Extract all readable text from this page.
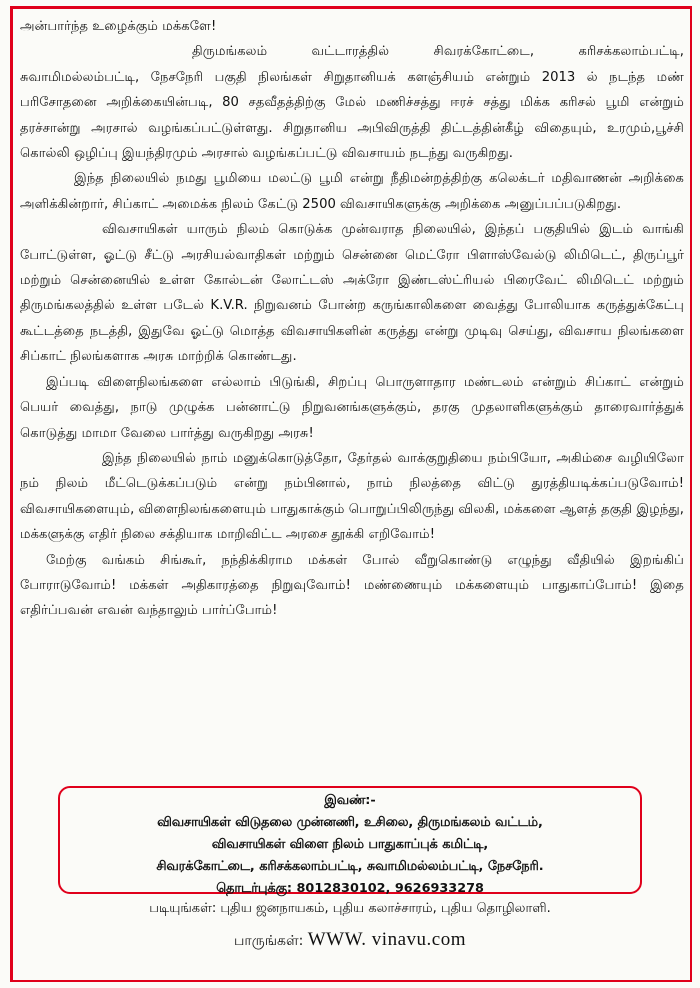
அன்பார்ந்த உழைக்கும் மக்களே!

திருமங்கலம் வட்டாரத்தில் சிவரக்கோட்டை, கரிசக்கலாம்பட்டி, சுவாமிமல்லம்பட்டி, நேசநேரி பகுதி நிலங்கள் சிறுதானியக் களஞ்சியம் என்றும் 2013 ல் நடந்த மண் பரிசோதனை அறிக்கையின்படி, 80 சதவீதத்திற்கு மேல் மணிச்சத்து ஈரச் சத்து மிக்க கரிசல் பூமி என்றும் தரச்சான்று அரசால் வழங்கப்பட்டுள்ளது. சிறுதானிய அபிவிருத்தி திட்டத்தின்கீழ் விதையும், உரமும்,பூச்சி கொல்லி ஒழிப்பு இயந்திரமும் அரசால் வழங்கப்பட்டு விவசாயம் நடந்து வருகிறது.

இந்த நிலையில் நமது பூமியை மலட்டு பூமி என்று நீதிமன்றத்திற்கு கலெக்டர் மதிவாணன் அறிக்கை அளிக்கின்றார், சிப்காட் அமைக்க நிலம் கேட்டு 2500 விவசாயிகளுக்கு அறிக்கை அனுப்பப்படுகிறது.

விவசாயிகள் யாரும் நிலம் கொடுக்க முன்வராத நிலையில், இந்தப் பகுதியில் இடம் வாங்கி போட்டுள்ள, ஓட்டு சீட்டு அரசியல்வாதிகள் மற்றும் சென்னை மெட்ரோ பிளாஸ்வேல்டு லிமிடெட், திருப்பூர் மற்றும் சென்னையில் உள்ள கோல்டன் லோட்டஸ் அக்ரோ இண்டஸ்ட்ரியல் பிரைவேட் லிமிடெட் மற்றும் திருமங்கலத்தில் உள்ள படேல் K.V.R. நிறுவனம் போன்ற கருங்காலிகளை வைத்து போலியாக கருத்துக்கேட்பு கூட்டத்தை நடத்தி, இதுவே ஓட்டு மொத்த விவசாயிகளின் கருத்து என்று முடிவு செய்து, விவசாய நிலங்களை சிப்காட் நிலங்களாக அரசு மாற்றிக் கொண்டது.

இப்படி விளைநிலங்களை எல்லாம் பிடுங்கி, சிறப்பு பொருளாதார மண்டலம் என்றும் சிப்காட் என்றும் பெயர் வைத்து, நாடு முழுக்க பன்னாட்டு நிறுவனங்களுக்கும், தரகு முதலாளிகளுக்கும் தாரைவார்த்துக் கொடுத்து மாமா வேலை பார்த்து வருகிறது அரசு!

இந்த நிலையில் நாம் மனுக்கொடுத்தோ, தேர்தல் வாக்குறுதியை நம்பியோ, அகிம்சை வழியிலோ நம் நிலம் மீட்டெடுக்கப்படும் என்று நம்பினால், நாம் நிலத்தை விட்டு துரத்தியடிக்கப்படுவோம்! விவசாயிகளையும், விளைநிலங்களையும் பாதுகாக்கும் பொறுப்பிலிருந்து விலகி, மக்களை ஆளத் தகுதி இழந்து, மக்களுக்கு எதிர் நிலை சக்தியாக மாறிவிட்ட அரசை தூக்கி எறிவோம்!

மேற்கு வங்கம் சிங்கூர், நந்திக்கிராம மக்கள் போல் வீறுகொண்டு எழுந்து வீதியில் இறங்கிப் போராடுவோம்! மக்கள் அதிகாரத்தை நிறுவுவோம்! மண்ணையும் மக்களையும் பாதுகாப்போம்! இதை எதிர்ப்பவன் எவன் வந்தாலும் பார்ப்போம்!

இவண்:-
விவசாயிகள் விடுதலை முன்னணி, உசிலை, திருமங்கலம் வட்டம்,
விவசாயிகள் விளை நிலம் பாதுகாப்புக் கமிட்டி,
சிவரக்கோட்டை, கரிசக்கலாம்பட்டி, சுவாமிமல்லம்பட்டி, நேசநேரி.
தொடர்புக்கு: 8012830102, 9626933278
படியுங்கள்: புதிய ஜனநாயகம், புதிய கலாச்சாரம், புதிய தொழிலாளி.
பாருங்கள்: WWW. vinavu.com
